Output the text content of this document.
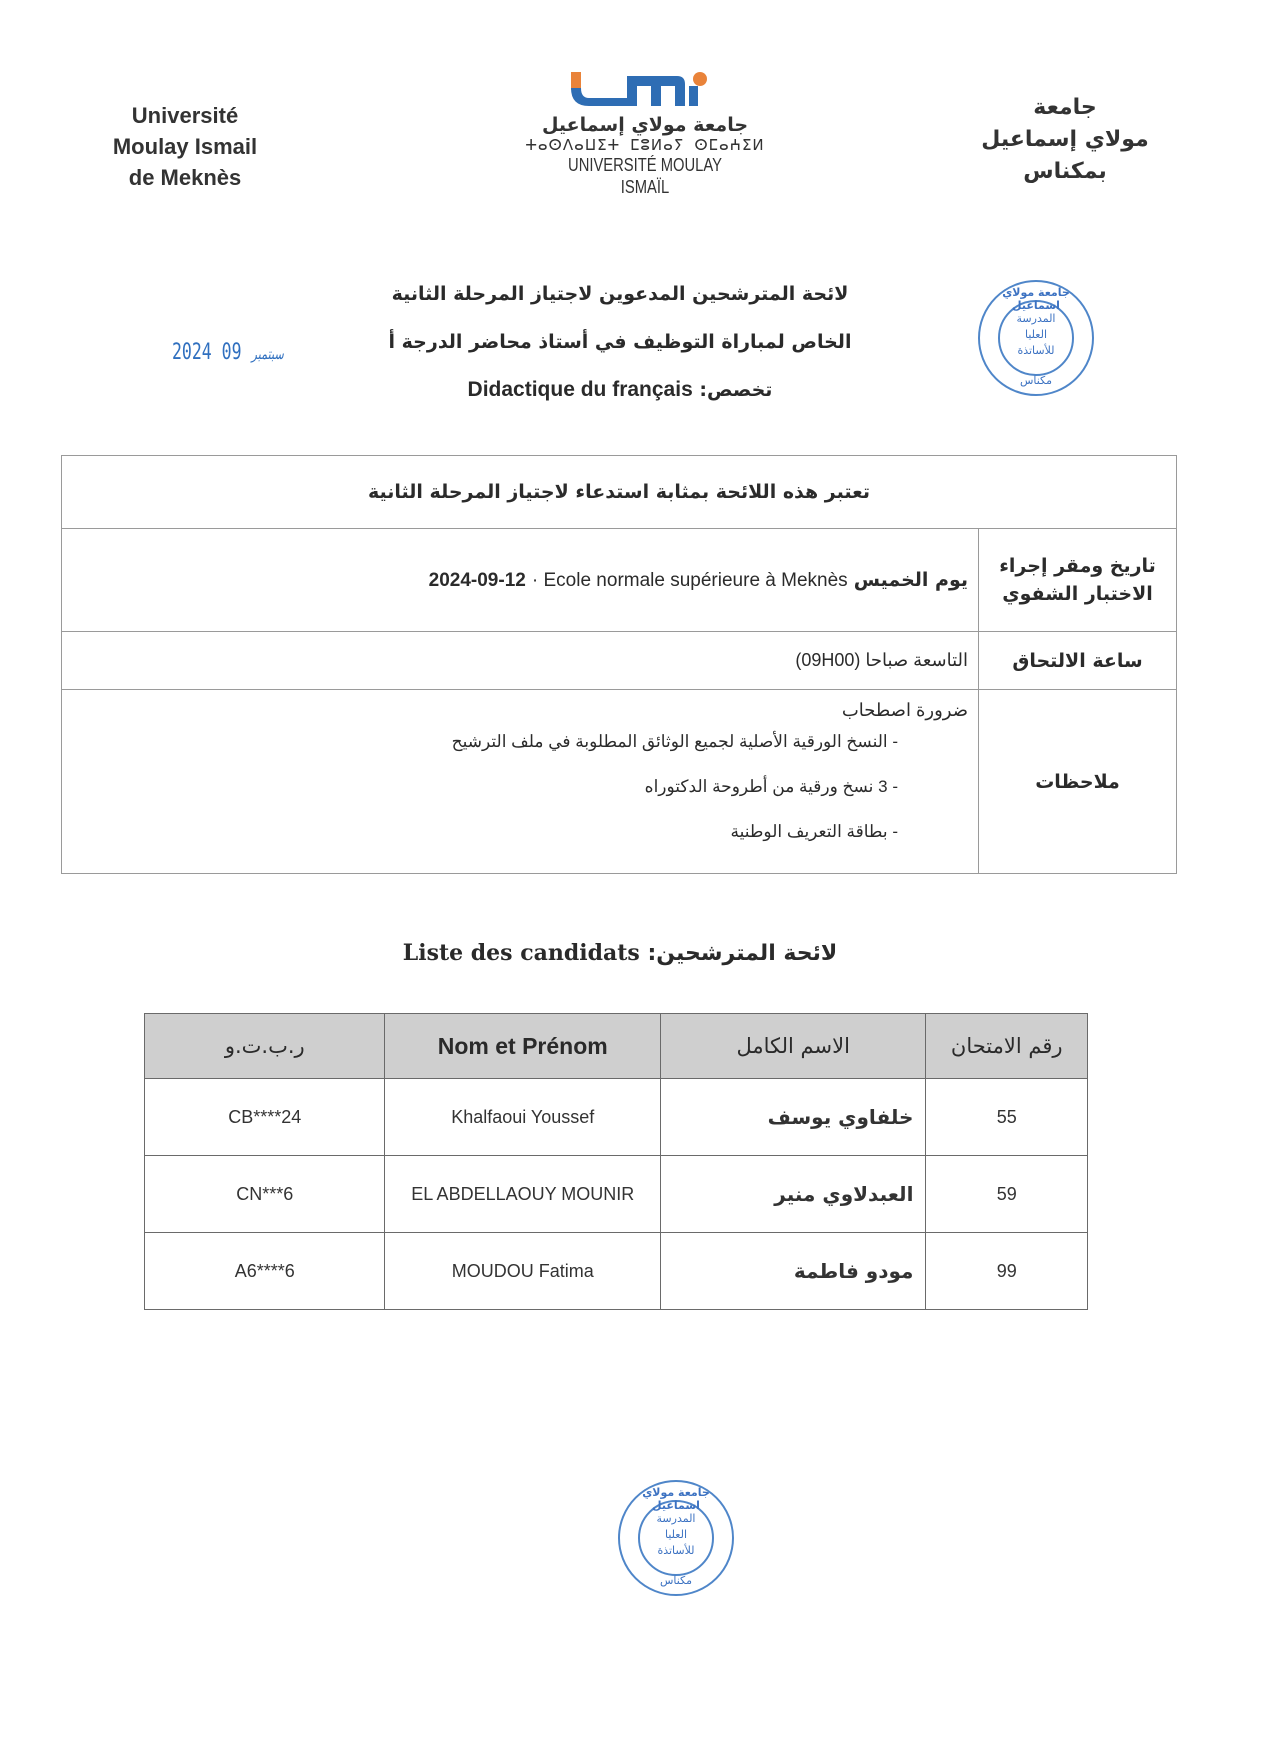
Université
Moulay Ismail
de Meknès
جامعة مولاي إسماعيل
ⵜⴰⵙⴷⴰⵡⵉⵜ ⵎⵓⵍⴰⵢ ⵙⵎⴰⵄⵉⵍ
UNIVERSITÉ MOULAY ISMAÏL
جامعة
مولاي إسماعيل
بمكناس
لائحة المترشحين المدعوين لاجتياز المرحلة الثانية
الخاص لمباراة التوظيف في أستاذ محاضر الدرجة أ
تخصص: Didactique du français
2024	سبتمبر 09
جامعة مولاي اسماعيل
المدرسة
العليا
للأساتذة
مكناس
تعتبر هذه اللائحة بمثابة استدعاء لاجتياز المرحلة الثانية	
تاريخ ومقر إجراء الاختبار الشفوي	يوم الخميس 2024-09-12 · Ecole normale supérieure à Meknès
ساعة الالتحاق	التاسعة صباحا (09H00)
ملاحظات	ضرورة اصطحاب
- النسخ الورقية الأصلية لجميع الوثائق المطلوبة في ملف الترشيح
- 3 نسخ ورقية من أطروحة الدكتوراه
- بطاقة التعريف الوطنية
لائحة المترشحين: Liste des candidats
رقم الامتحان	الاسم الكامل	Nom et Prénom	ر.ب.ت.و
55	خلفاوي يوسف	Khalfaoui Youssef	CB****24
59	العبدلاوي منير	EL ABDELLAOUY MOUNIR	CN***6
99	مودو فاطمة	MOUDOU Fatima	A6****6
جامعة مولاي اسماعيل
المدرسة
العليا
للأساتذة
مكناس
